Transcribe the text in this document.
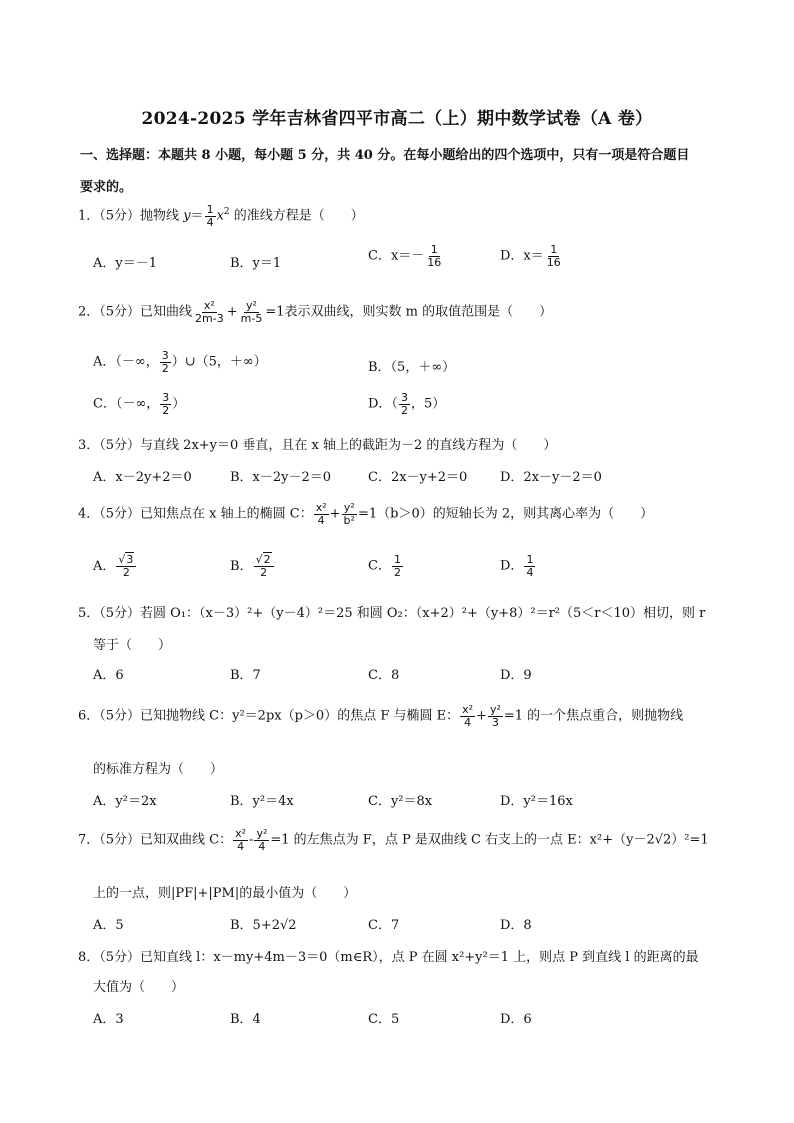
2024-2025 学年吉林省四平市高二（上）期中数学试卷（A 卷）
一、选择题：本题共 8 小题，每小题 5 分，共 40 分。在每小题给出的四个选项中，只有一项是符合题目
要求的。
1．（5分）抛物线 $y= \frac{1}{4} x^2$ 的准线方程是（　　）
A．y＝－1	B．y＝1	C．$x=- \frac{1}{16}$	D．$x= \frac{1}{16}$
2．（5分）已知曲线 $\frac{\text{x²}}{2m-3} + \frac{\text{y²}}{m-5} =1$表示双曲线，则实数 m 的取值范围是（　　）
A．（－∞， $\frac{3}{2}$ ）∪（5，＋∞）	B．（5，＋∞）
C．（－∞， $\frac{3}{2}$ ）	D．（ $\frac{3}{2}$ ，5）
3．（5分）与直线 2x+y＝0 垂直，且在 x 轴上的截距为－2 的直线方程为（　　）
A．x－2y+2＝0	B．x－2y－2＝0	C．2x－y+2＝0	D．2x－y－2＝0
4．（5分）已知焦点在 x 轴上的椭圆 C： $\frac{\text{x²}}{4} + \frac{\text{y²}}{\text{b²}} =1(b>0)$的短轴长为 2，则其离心率为（　　）
A． $\frac{√3}{2}$	B． $\frac{√2}{2}$	C． $\frac{1}{2}$	D． $\frac{1}{4}$
5．（5分）若圆 O₁：（x－3）²+（y－4）²＝25 和圆 O₂：（x+2）²+（y+8）²＝r²（5＜r＜10）相切，则 r
等于（　　）
A．6	B．7	C．8	D．9
6．（5分）已知抛物线 C：y²＝2px（p＞0）的焦点 F 与椭圆 E： $\frac{\text{x²}}{4} + \frac{\text{y²}}{3} =1$ 的一个焦点重合，则抛物线
的标准方程为（　　）
A．y²＝2x	B．y²＝4x	C．y²＝8x	D．y²＝16x
7．（5分）已知双曲线 C： $\frac{\text{x²}}{4} - \frac{\text{y²}}{4} =1$ 的左焦点为 F，点 P 是双曲线 C 右支上的一点 E：x²+（y－2√2）²=1
上的一点，则|PF|+|PM|的最小值为（　　）
A．5	B．5+2√2	C．7	D．8
8．（5分）已知直线 l：x－my+4m－3＝0（m∈R），点 P 在圆 x²+y²＝1 上，则点 P 到直线 l 的距离的最
大值为（　　）
A．3	B．4	C．5	D．6
